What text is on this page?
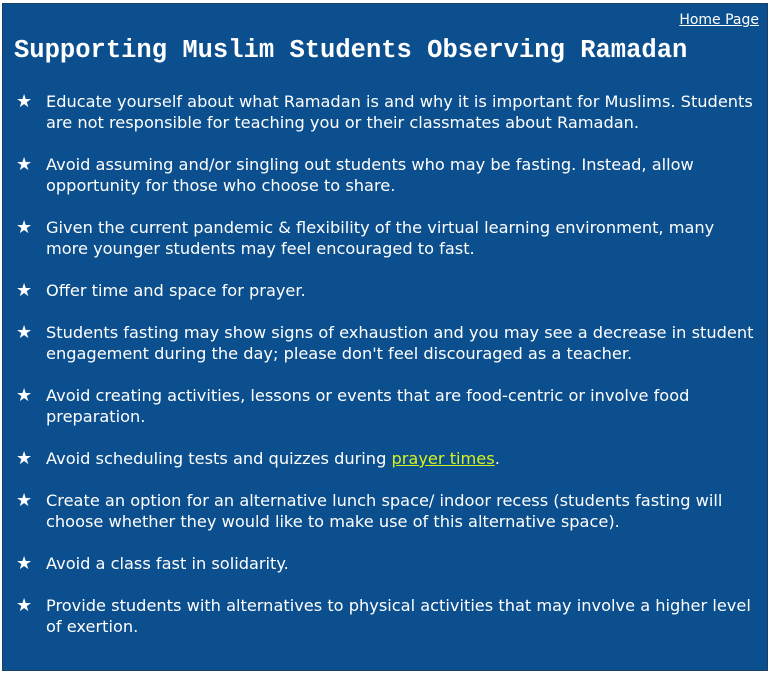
Home Page
Supporting Muslim Students Observing Ramadan
★ Educate yourself about what Ramadan is and why it is important for Muslims. Students are not responsible for teaching you or their classmates about Ramadan.
★ Avoid assuming and/or singling out students who may be fasting. Instead, allow opportunity for those who choose to share.
★ Given the current pandemic & flexibility of the virtual learning environment, many more younger students may feel encouraged to fast.
★ Offer time and space for prayer.
★ Students fasting may show signs of exhaustion and you may see a decrease in student engagement during the day; please don't feel discouraged as a teacher.
★ Avoid creating activities, lessons or events that are food-centric or involve food preparation.
★ Avoid scheduling tests and quizzes during prayer times.
★ Create an option for an alternative lunch space/ indoor recess (students fasting will choose whether they would like to make use of this alternative space).
★ Avoid a class fast in solidarity.
★ Provide students with alternatives to physical activities that may involve a higher level of exertion.
